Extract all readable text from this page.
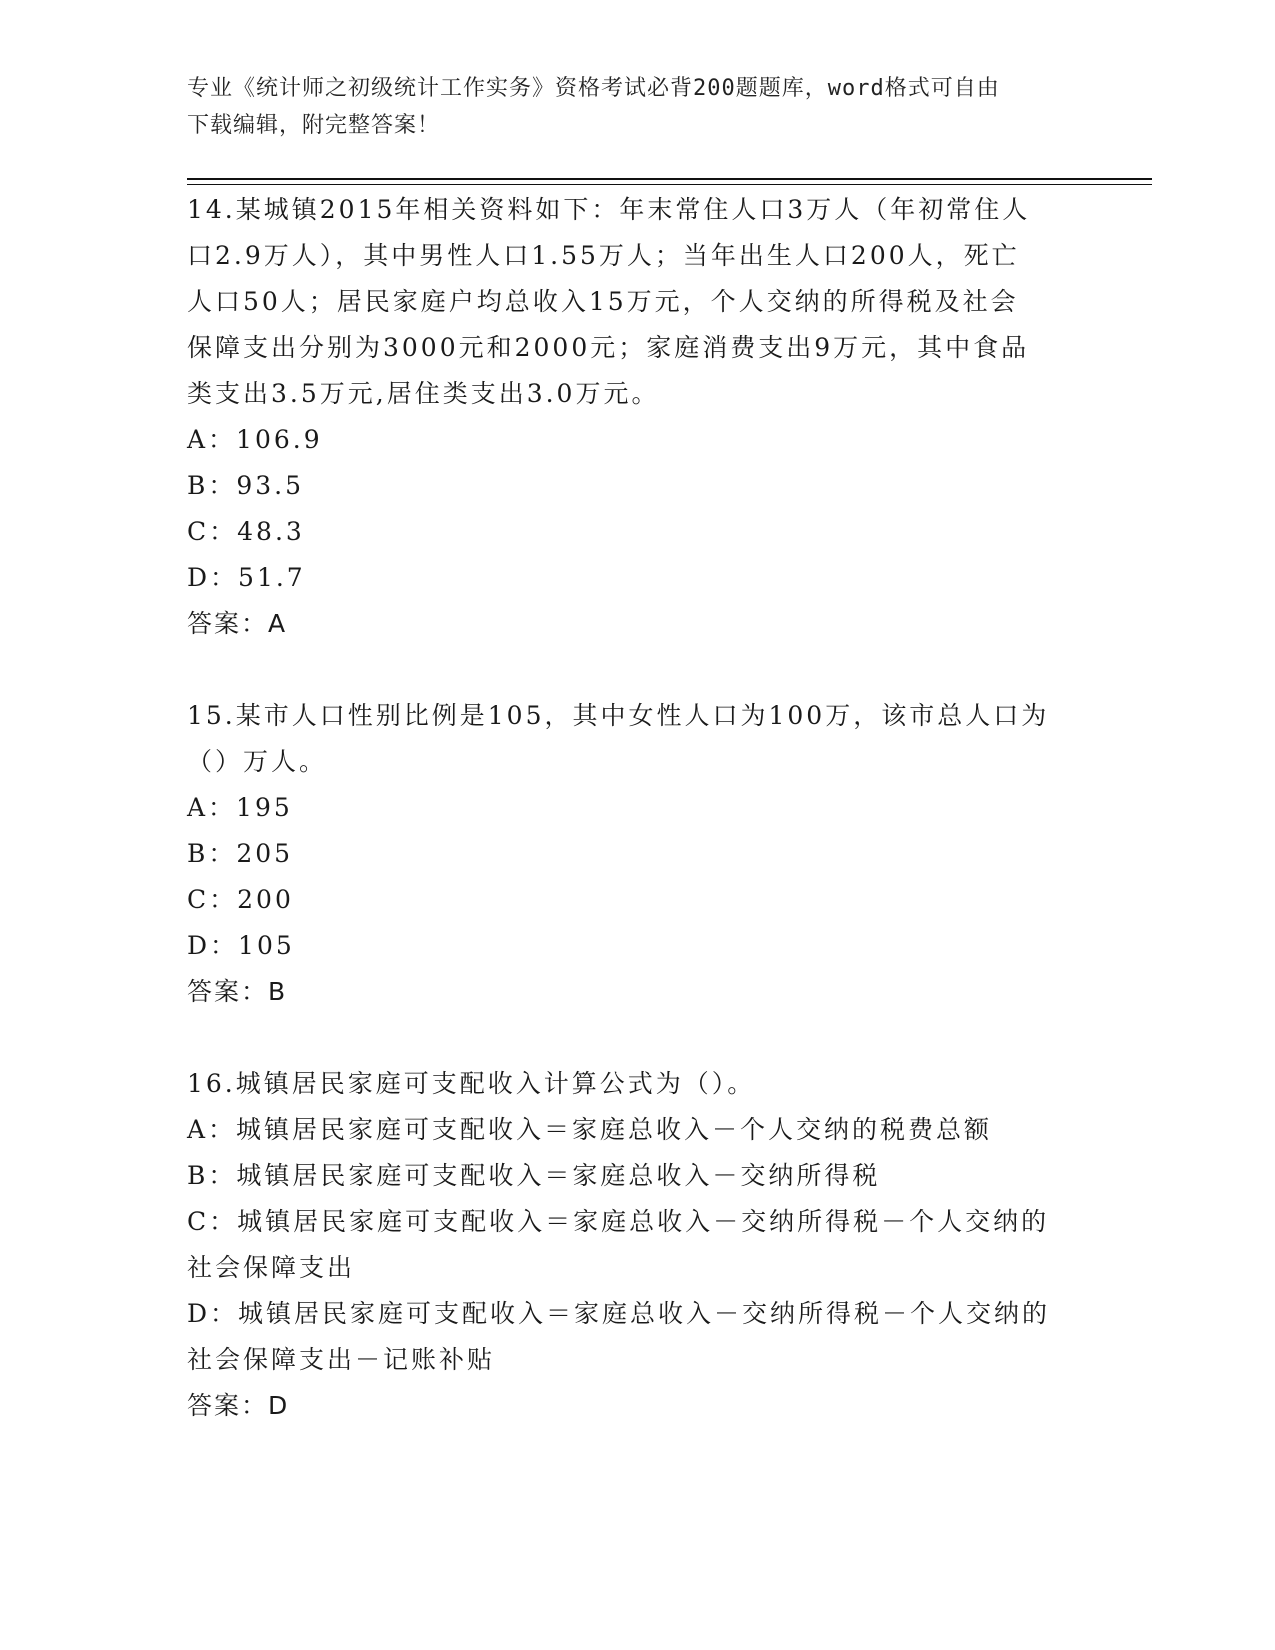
专业《统计师之初级统计工作实务》资格考试必背200题题库，word格式可自由
下载编辑，附完整答案！
14.某城镇2015年相关资料如下：年末常住人口3万人（年初常住人
口2.9万人），其中男性人口1.55万人；当年出生人口200人，死亡
人口50人；居民家庭户均总收入15万元，个人交纳的所得税及社会
保障支出分别为3000元和2000元；家庭消费支出9万元，其中食品
类支出3.5万元,居住类支出3.0万元。
A：106.9
B：93.5
C：48.3
D：51.7
答案：A
15.某市人口性别比例是105，其中女性人口为100万，该市总人口为
（）万人。
A：195
B：205
C：200
D：105
答案：B
16.城镇居民家庭可支配收入计算公式为（）。
A：城镇居民家庭可支配收入＝家庭总收入－个人交纳的税费总额
B：城镇居民家庭可支配收入＝家庭总收入－交纳所得税
C：城镇居民家庭可支配收入＝家庭总收入－交纳所得税－个人交纳的
社会保障支出
D：城镇居民家庭可支配收入＝家庭总收入－交纳所得税－个人交纳的
社会保障支出－记账补贴
答案：D
